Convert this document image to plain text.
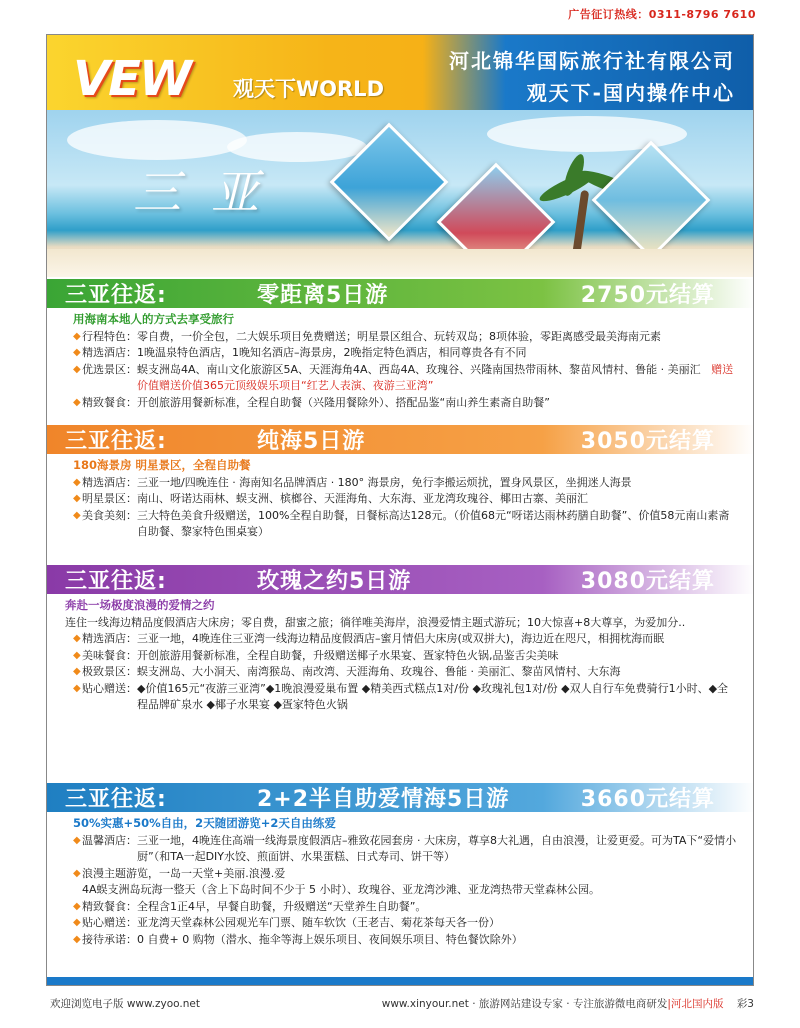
广告征订热线：0311-8796 7610
VEW 观天下WORLD
河北锦华国际旅行社有限公司
观天下-国内操作中心
三亚
三亚往返:	零距离5日游	2750元结算
用海南本地人的方式去享受旅行
◆ 行程特色： 零自费，一价全包，二大娱乐项目免费赠送；明星景区组合、玩转双岛；8项体验，零距离感受最美海南元素
◆ 精选酒店： 1晚温泉特色酒店，1晚知名酒店–海景房，2晚指定特色酒店，相同尊贵各有不同
◆ 优选景区： 蜈支洲岛4A、南山文化旅游区5A、天涯海角4A、西岛4A、玫瑰谷、兴隆南国热带雨林、黎苗风情村、鲁能 · 美丽汇 赠送价值赠送价值365元顶级娱乐项目“红艺人表演、夜游三亚湾”
◆ 精致餐食： 开创旅游用餐新标准，全程自助餐（兴隆用餐除外）、搭配品鉴“南山养生素斋自助餐”
三亚往返:	纯海5日游	3050元结算
180海景房 明星景区，全程自助餐
◆ 精选酒店： 三亚一地/四晚连住 · 海南知名品牌酒店 · 180° 海景房，免行李搬运烦扰，置身风景区，坐拥迷人海景
◆ 明星景区： 南山、呀诺达雨林、蜈支洲、槟榔谷、天涯海角、大东海、亚龙湾玫瑰谷、椰田古寨、美丽汇
◆ 美食美刻： 三大特色美食升级赠送，100%全程自助餐，日餐标高达128元。（价值68元“呀诺达雨林药膳自助餐”、价值58元南山素斋自助餐、黎家特色围桌宴）
三亚往返:	玫瑰之约5日游	3080元结算
奔赴一场极度浪漫的爱情之约
连住一线海边精品度假酒店大床房；零自费，甜蜜之旅；徜徉唯美海岸，浪漫爱情主题式游玩；10大惊喜+8大尊享，为爱加分..
◆ 精选酒店： 三亚一地，4晚连住三亚湾一线海边精品度假酒店–蜜月情侣大床房(或双拼大)，海边近在咫尺，相拥枕海而眠
◆ 美味餐食： 开创旅游用餐新标准，全程自助餐，升级赠送椰子水果宴、疍家特色火锅,品鉴舌尖美味
◆ 极致景区： 蜈支洲岛、大小洞天、南湾猴岛、南改湾、天涯海角、玫瑰谷、鲁能 · 美丽汇、黎苗风情村、大东海
◆ 贴心赠送： ◆价值165元“夜游三亚湾”◆1晚浪漫爱巢布置 ◆精美西式糕点1对/份 ◆玫瑰礼包1对/份 ◆双人自行车免费骑行1小时、◆全程品牌矿泉水 ◆椰子水果宴 ◆疍家特色火锅
三亚往返:	2+2半自助爱情海5日游	3660元结算
50%实惠+50%自由，2天随团游览+2天自由练爱
◆ 温馨酒店： 三亚一地，4晚连住高端一线海景度假酒店–雅致花园套房 · 大床房，尊享8大礼遇，自由浪漫，让爱更爱。可为TA下“爱情小厨”（和TA一起DIY水饺、煎面饼、水果蛋糕、日式寿司、饼干等）
◆ 浪漫主题游览， 一岛一天堂+美丽.浪漫.爱
4A蜈支洲岛玩海一整天（含上下岛时间不少于 5 小时）、玫瑰谷、亚龙湾沙滩、亚龙湾热带天堂森林公园。
◆ 精致餐食： 全程含1正4早，早餐自助餐，升级赠送“天堂养生自助餐”。
◆ 贴心赠送： 亚龙湾天堂森林公园观光车门票、随车软饮（王老吉、菊花茶每天各一份）
◆ 接待承诺： 0 自费+ 0 购物（潜水、拖伞等海上娱乐项目、夜间娱乐项目、特色餐饮除外）
欢迎浏览电子版 www.zyoo.net	www.xinyour.net · 旅游网站建设专家 · 专注旅游微电商研发|河北国内版 彩3
